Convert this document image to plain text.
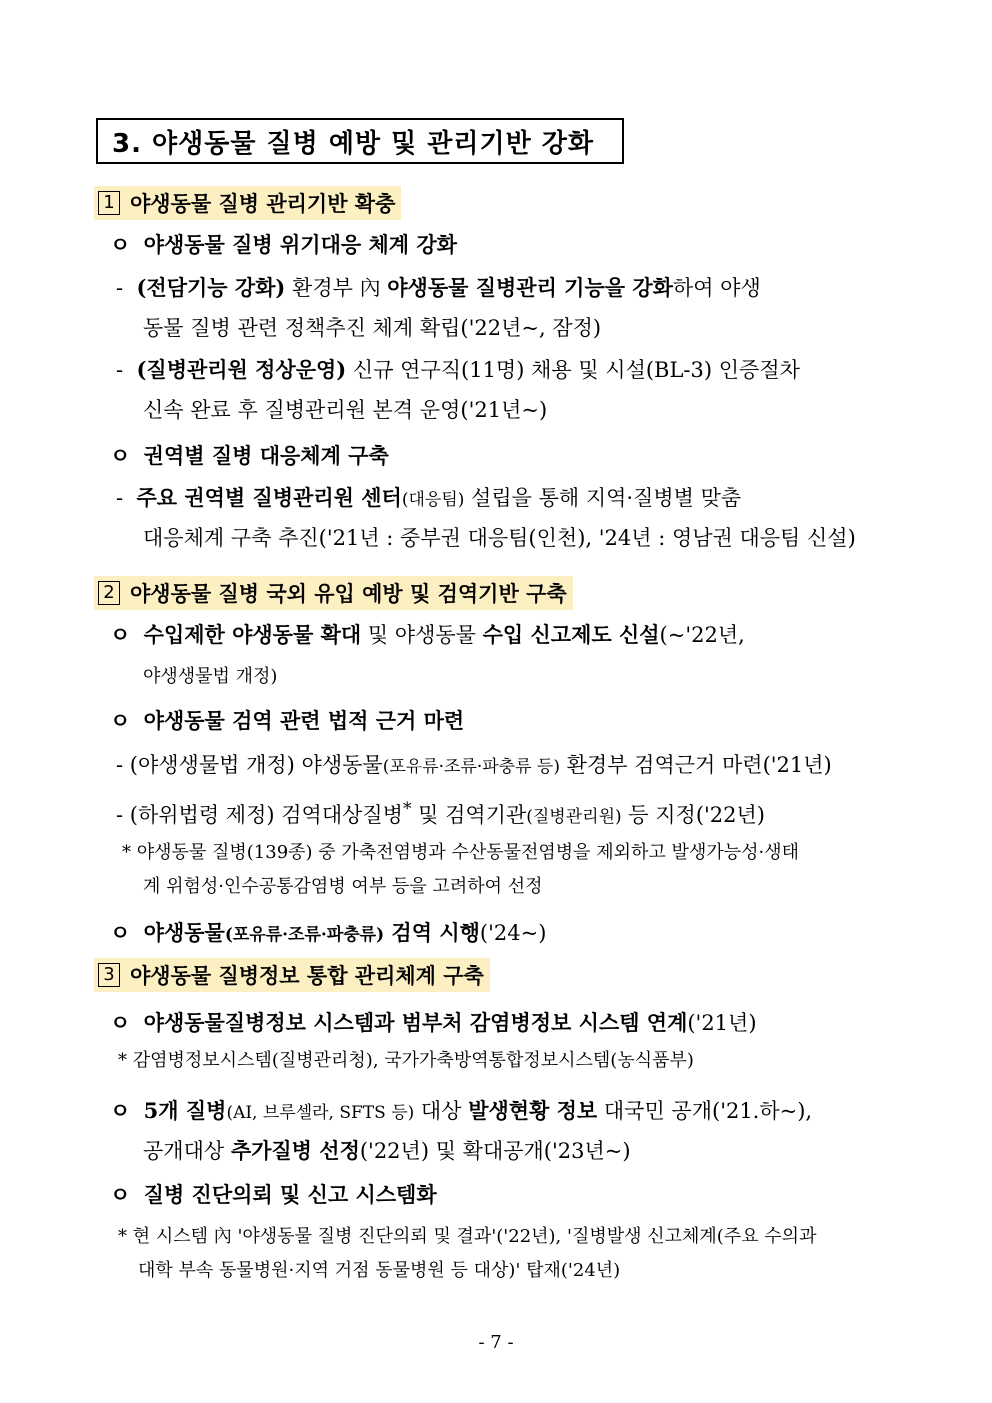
3. 야생동물 질병 예방 및 관리기반 강화
1 야생동물 질병 관리기반 확충
ㅇ 야생동물 질병 위기대응 체계 강화
- (전담기능 강화) 환경부 內 야생동물 질병관리 기능을 강화하여 야생
동물 질병 관련 정책추진 체계 확립('22년~, 잠정)
- (질병관리원 정상운영) 신규 연구직(11명) 채용 및 시설(BL-3) 인증절차
신속 완료 후 질병관리원 본격 운영('21년~)
ㅇ 권역별 질병 대응체계 구축
- 주요 권역별 질병관리원 센터(대응팀) 설립을 통해 지역·질병별 맞춤
대응체계 구축 추진('21년 : 중부권 대응팀(인천), '24년 : 영남권 대응팀 신설)
2 야생동물 질병 국외 유입 예방 및 검역기반 구축
ㅇ 수입제한 야생동물 확대 및 야생동물 수입 신고제도 신설(~'22년,
야생생물법 개정)
ㅇ 야생동물 검역 관련 법적 근거 마련
- (야생생물법 개정) 야생동물(포유류·조류·파충류 등) 환경부 검역근거 마련('21년)
- (하위법령 제정) 검역대상질병* 및 검역기관(질병관리원) 등 지정('22년)
* 야생동물 질병(139종) 중 가축전염병과 수산동물전염병을 제외하고 발생가능성·생태
계 위험성·인수공통감염병 여부 등을 고려하여 선정
ㅇ 야생동물(포유류·조류·파충류) 검역 시행('24~)
3 야생동물 질병정보 통합 관리체계 구축
ㅇ 야생동물질병정보 시스템과 범부처 감염병정보 시스템 연계('21년)
* 감염병정보시스템(질병관리청), 국가가축방역통합정보시스템(농식품부)
ㅇ 5개 질병(AI, 브루셀라, SFTS 등) 대상 발생현황 정보 대국민 공개('21.하~),
공개대상 추가질병 선정('22년) 및 확대공개('23년~)
ㅇ 질병 진단의뢰 및 신고 시스템화
* 현 시스템 內 '야생동물 질병 진단의뢰 및 결과'('22년), '질병발생 신고체계(주요 수의과
대학 부속 동물병원·지역 거점 동물병원 등 대상)' 탑재('24년)
- 7 -
